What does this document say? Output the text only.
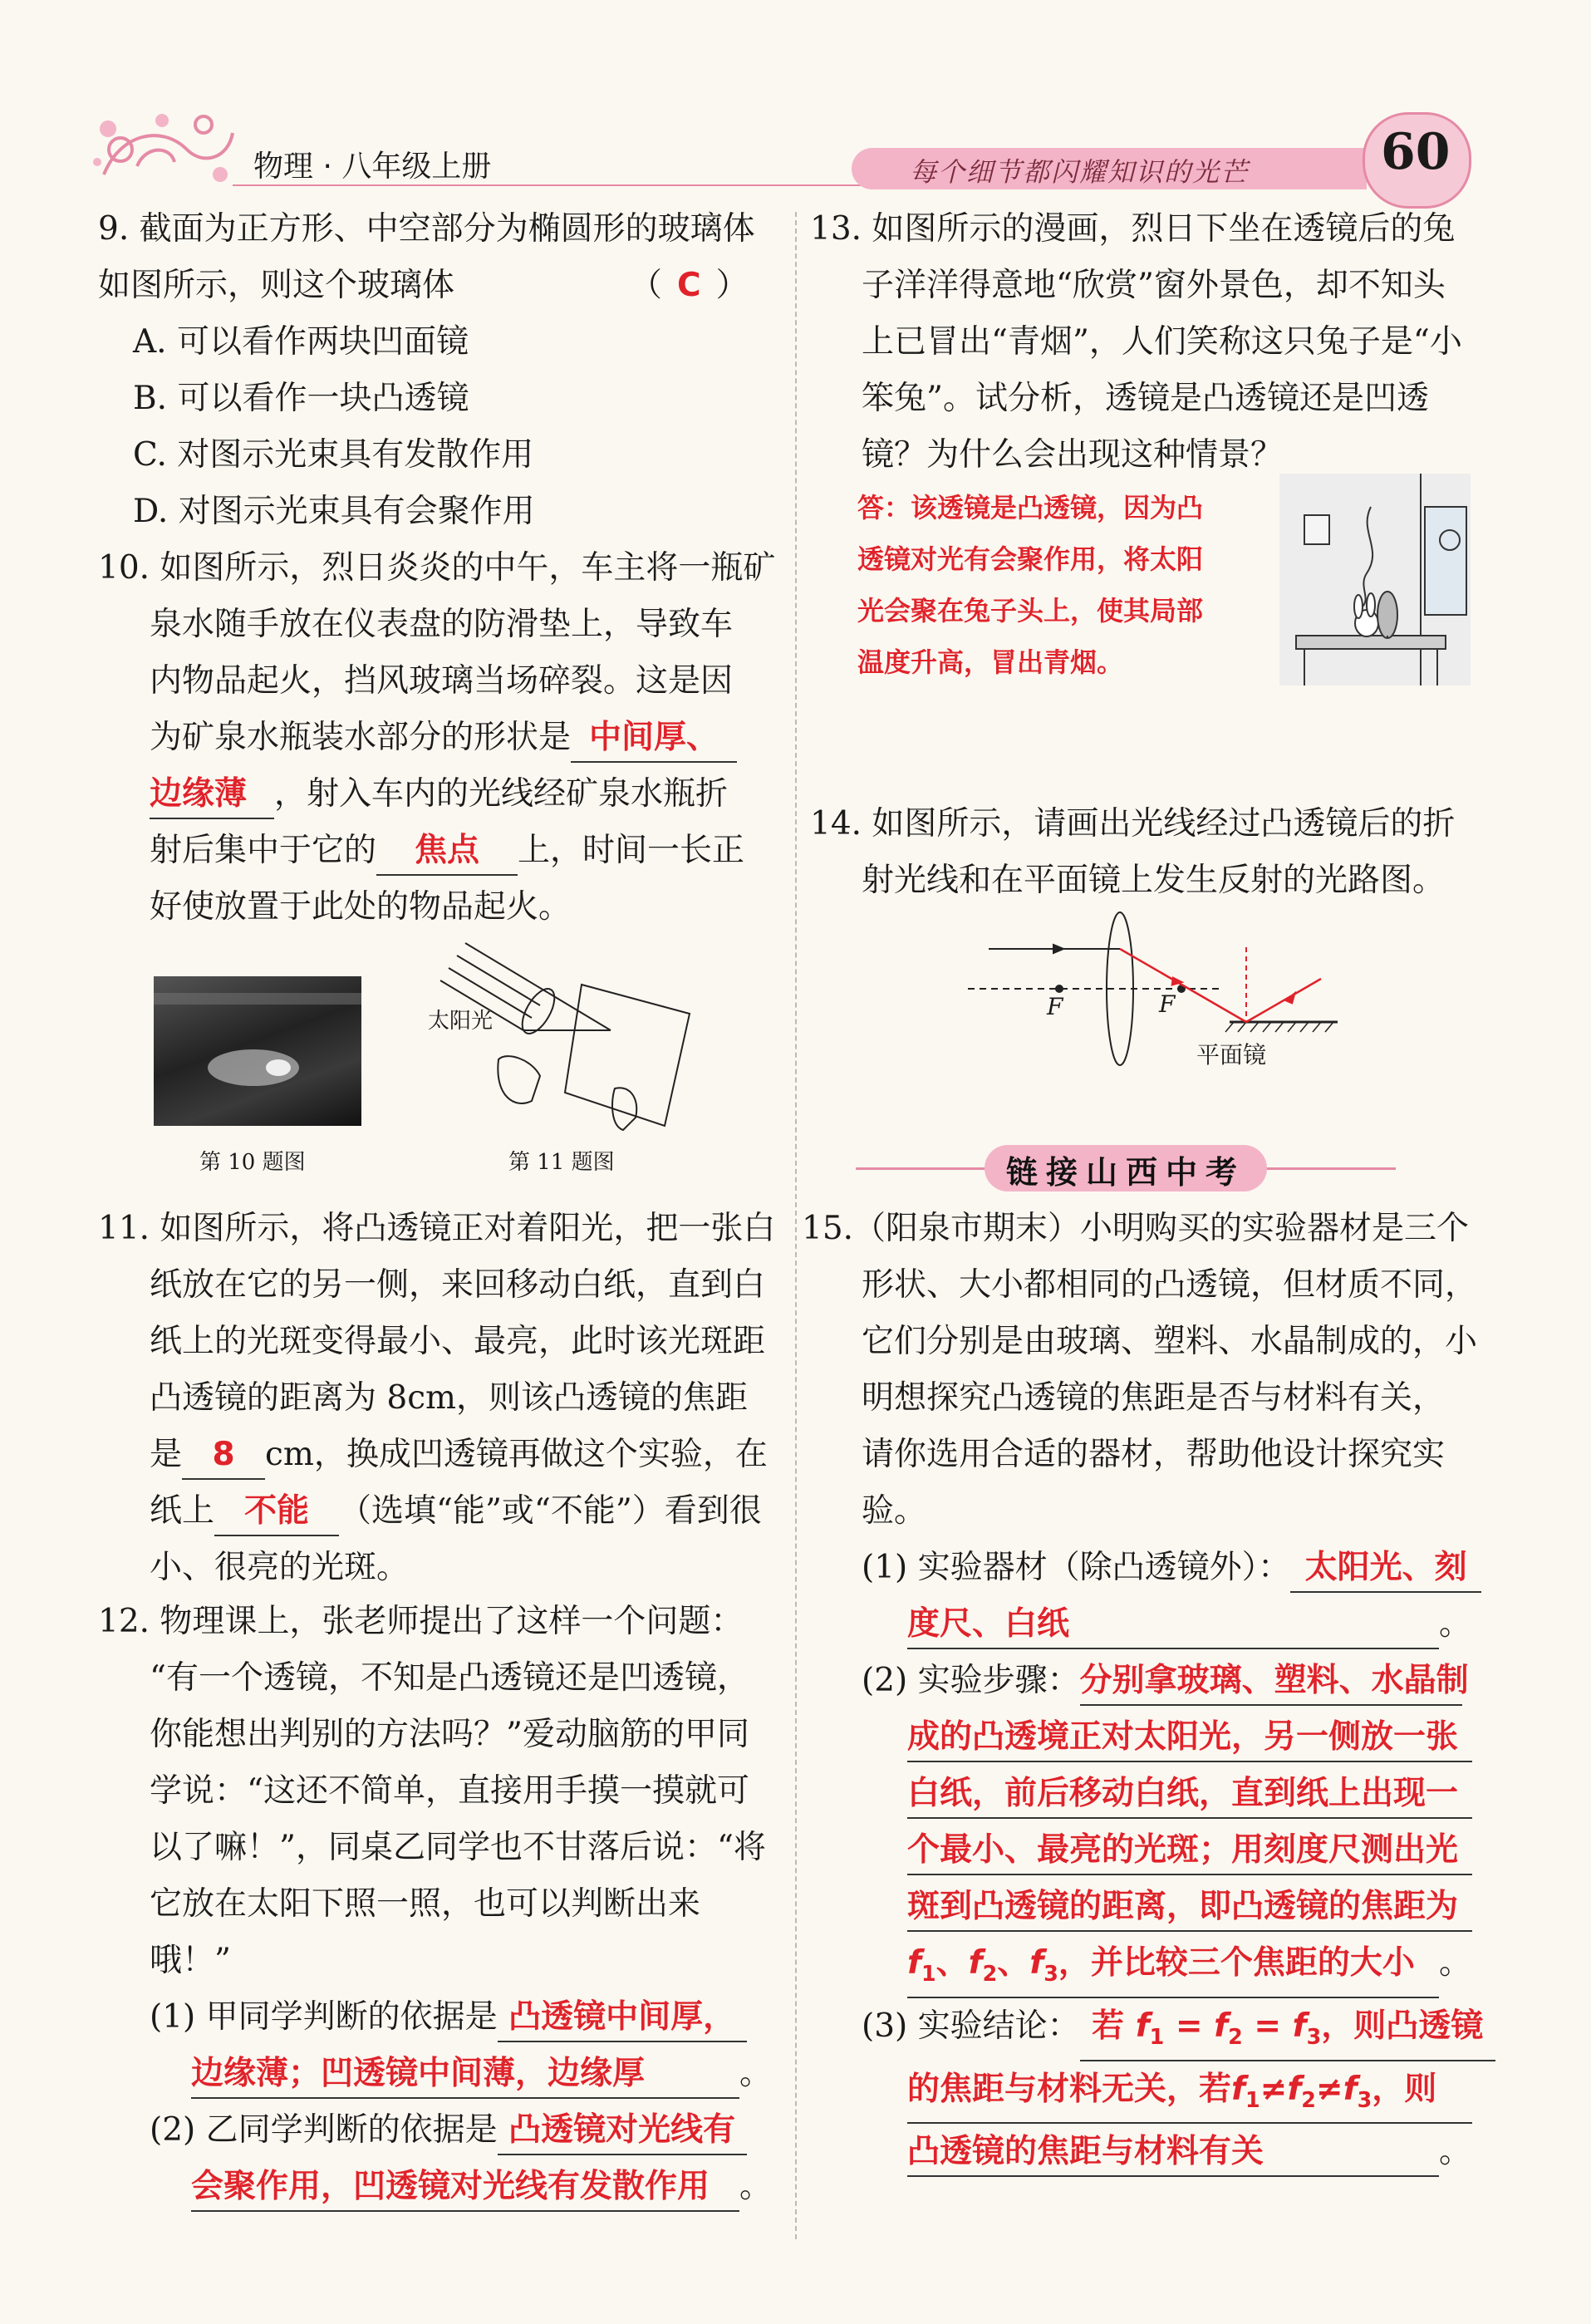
物理 · 八年级上册	每个细节都闪耀知识的光芒	60

9. 截面为正方形、中空部分为椭圆形的玻璃体

如图所示，则这个玻璃体	（ C ）

A. 可以看作两块凹面镜

B. 可以看作一块凸透镜

C. 对图示光束具有发散作用

D. 对图示光束具有会聚作用

10. 如图所示，烈日炎炎的中午，车主将一瓶矿

泉水随手放在仪表盘的防滑垫上，导致车

内物品起火，挡风玻璃当场碎裂。这是因

为矿泉水瓶装水部分的形状是 中间厚、

边缘薄 ，射入车内的光线经矿泉水瓶折

射后集中于它的 焦点 上，时间一长正

好使放置于此处的物品起火。

第 10 题图
太阳光
第 11 题图

11. 如图所示，将凸透镜正对着阳光，把一张白

纸放在它的另一侧，来回移动白纸，直到白

纸上的光斑变得最小、最亮，此时该光斑距

凸透镜的距离为 8cm，则该凸透镜的焦距

是 8 cm，换成凹透镜再做这个实验，在

纸上 不能 （选填“能”或“不能”）看到很

小、很亮的光斑。

12. 物理课上，张老师提出了这样一个问题：

“有一个透镜，不知是凸透镜还是凹透镜，

你能想出判别的方法吗？”爱动脑筋的甲同

学说：“这还不简单，直接用手摸一摸就可

以了嘛！”，同桌乙同学也不甘落后说：“将

它放在太阳下照一照，也可以判断出来

哦！”

(1) 甲同学判断的依据是 凸透镜中间厚，

边缘薄；凹透镜中间薄，边缘厚	。

(2) 乙同学判断的依据是 凸透镜对光线有

会聚作用，凹透镜对光线有发散作用 。

13. 如图所示的漫画，烈日下坐在透镜后的兔

子洋洋得意地“欣赏”窗外景色，却不知头

上已冒出“青烟”，人们笑称这只兔子是“小

笨兔”。试分析，透镜是凸透镜还是凹透

镜？为什么会出现这种情景？

答：该透镜是凸透镜，因为凸
透镜对光有会聚作用，将太阳
光会聚在兔子头上，使其局部
温度升高，冒出青烟。

14. 如图所示，请画出光线经过凸透镜后的折

射光线和在平面镜上发生反射的光路图。

F	F
平面镜
链接山西中考

15.（阳泉市期末）小明购买的实验器材是三个

形状、大小都相同的凸透镜，但材质不同，

它们分别是由玻璃、塑料、水晶制成的，小

明想探究凸透镜的焦距是否与材料有关，

请你选用合适的器材，帮助他设计探究实

验。

(1) 实验器材（除凸透镜外）： 太阳光、刻

度尺、白纸	。

(2) 实验步骤：分别拿玻璃、塑料、水晶制

成的凸透境正对太阳光，另一侧放一张

白纸，前后移动白纸，直到纸上出现一

个最小、最亮的光斑；用刻度尺测出光

斑到凸透镜的距离，即凸透镜的焦距为

$f_1$、$f_2$、$f_3$，并比较三个焦距的大小 。

(3) 实验结论： 若 $f_1 = f_2 = f_3$，则凸透镜

的焦距与材料无关，若$f_1\ne f_2\ne f_3$，则

凸透镜的焦距与材料有关	。
